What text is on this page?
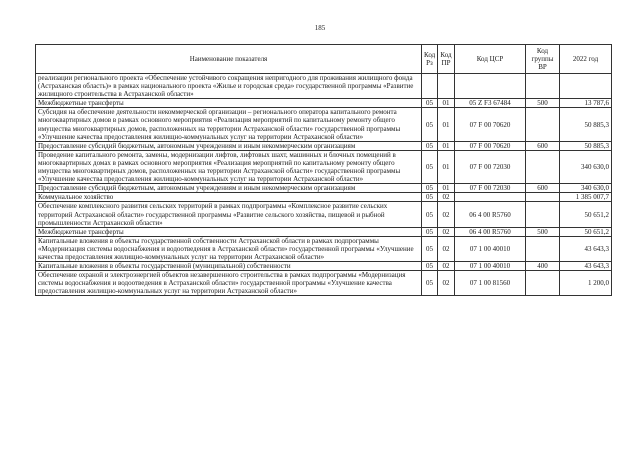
185
Наименование показателя	Код Рз	Код ПР	Код ЦСР	Код группы ВР	2022 год
реализации регионального проекта «Обеспечение устойчивого сокращения непригодного для проживания жилищного фонда (Астраханская область)» в рамках национального проекта «Жилье и городская среда» государственной программы «Развитие жилищного строительства в Астраханской области»					
Межбюджетные трансферты	05	01	05 Z F3 67484	500	13 787,6
Субсидия на обеспечение деятельности некоммерческой организации – регионального оператора капитального ремонта многоквартирных домов в рамках основного мероприятия «Реализация мероприятий по капитальному ремонту общего имущества многоквартирных домов, расположенных на территории Астраханской области» государственной программы «Улучшение качества предоставления жилищно-коммунальных услуг на территории Астраханской области»	05	01	07 F 00 70620		50 885,3
Предоставление субсидий бюджетным, автономным учреждениям и иным некоммерческим организациям	05	01	07 F 00 70620	600	50 885,3
Проведение капитального ремонта, замены, модернизации лифтов, лифтовых шахт, машинных и блочных помещений в многоквартирных домах в рамках основного мероприятия «Реализация мероприятий по капитальному ремонту общего имущества многоквартирных домов, расположенных на территории Астраханской области» государственной программы «Улучшение качества предоставления жилищно-коммунальных услуг на территории Астраханской области»	05	01	07 F 00 72030		340 630,0
Предоставление субсидий бюджетным, автономным учреждениям и иным некоммерческим организациям	05	01	07 F 00 72030	600	340 630,0
Коммунальное хозяйство	05	02			1 385 007,7
Обеспечение комплексного развития сельских территорий в рамках подпрограммы «Комплексное развитие сельских территорий Астраханской области» государственной программы «Развитие сельского хозяйства, пищевой и рыбной промышленности Астраханской области»	05	02	06 4 00 R5760		50 651,2
Межбюджетные трансферты	05	02	06 4 00 R5760	500	50 651,2
Капитальные вложения в объекты государственной собственности Астраханской области в рамках подпрограммы «Модернизация системы водоснабжения и водоотведения в Астраханской области» государственной программы «Улучшение качества предоставления жилищно-коммунальных услуг на территории Астраханской области»	05	02	07 1 00 40010		43 643,3
Капитальные вложения в объекты государственной (муниципальной) собственности	05	02	07 1 00 40010	400	43 643,3
Обеспечение охраной и электроэнергией объектов незавершенного строительства в рамках подпрограммы «Модернизация системы водоснабжения и водоотведения в Астраханской области» государственной программы «Улучшение качества предоставления жилищно-коммунальных услуг на территории Астраханской области»	05	02	07 1 00 81560		1 200,0
